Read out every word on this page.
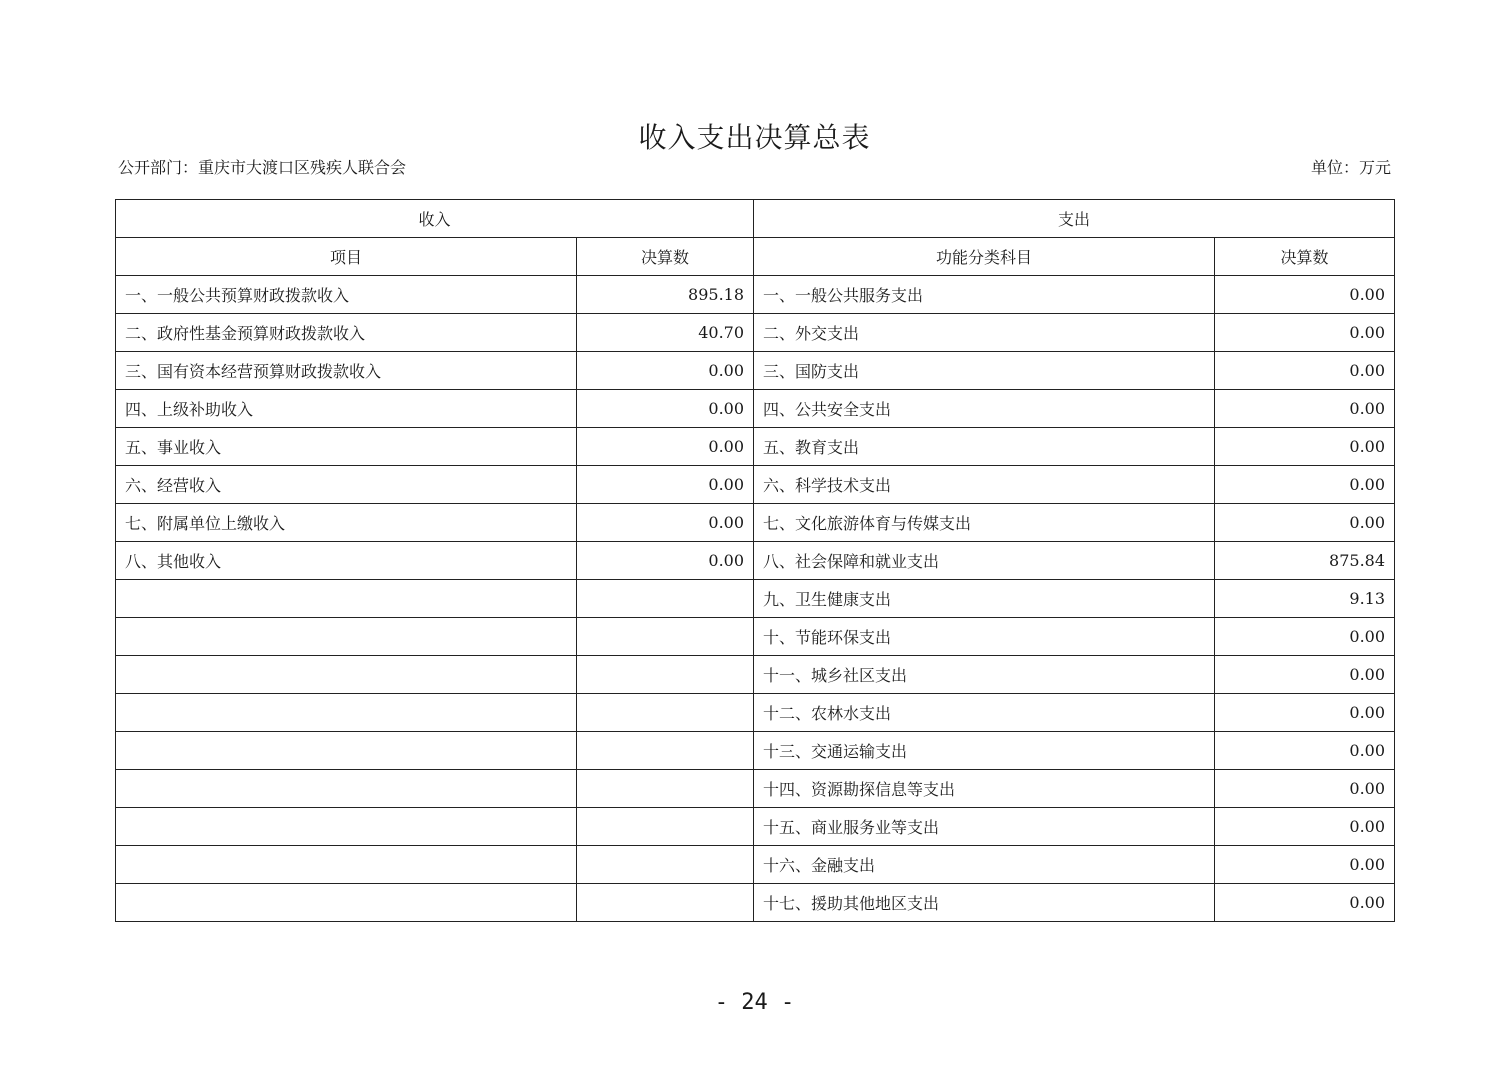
收入支出决算总表
公开部门：重庆市大渡口区残疾人联合会	单位：万元
收入		支出	
项目	决算数	功能分类科目	决算数
一、一般公共预算财政拨款收入	895.18	一、一般公共服务支出	0.00
二、政府性基金预算财政拨款收入	40.70	二、外交支出	0.00
三、国有资本经营预算财政拨款收入	0.00	三、国防支出	0.00
四、上级补助收入	0.00	四、公共安全支出	0.00
五、事业收入	0.00	五、教育支出	0.00
六、经营收入	0.00	六、科学技术支出	0.00
七、附属单位上缴收入	0.00	七、文化旅游体育与传媒支出	0.00
八、其他收入	0.00	八、社会保障和就业支出	875.84
		九、卫生健康支出	9.13
		十、节能环保支出	0.00
		十一、城乡社区支出	0.00
		十二、农林水支出	0.00
		十三、交通运输支出	0.00
		十四、资源勘探信息等支出	0.00
		十五、商业服务业等支出	0.00
		十六、金融支出	0.00
		十七、援助其他地区支出	0.00
- 24 -
